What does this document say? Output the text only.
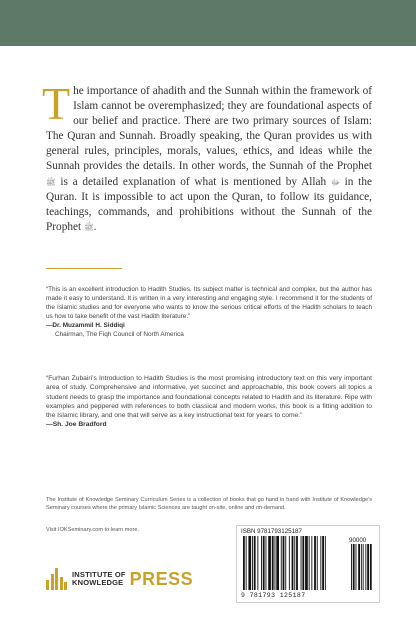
The importance of ahadith and the Sunnah within the framework of Islam cannot be overemphasized; they are foundational aspects of our belief and practice. There are two primary sources of Islam: The Quran and Sunnah. Broadly speaking, the Quran provides us with general rules, principles, morals, values, ethics, and ideas while the Sunnah provides the details. In other words, the Sunnah of the Prophet ﷺ is a detailed explanation of what is mentioned by Allah ﷻ in the Quran. It is impossible to act upon the Quran, to follow its guidance, teachings, commands, and prohibitions without the Sunnah of the Prophet ﷺ.
“This is an excellent introduction to Hadith Studies. Its subject matter is technical and complex, but the author has made it easy to understand. It is written in a very interesting and engaging style. I recommend it for the students of the Islamic studies and for everyone who wants to know the serious critical efforts of the Hadith scholars to teach us how to take benefit of the vast Hadith literature.”
—Dr. Muzammil H. Siddiqi
Chairman, The Fiqh Council of North America
“Furhan Zubairi’s Introduction to Hadith Studies is the most promising introductory text on this very important area of study. Comprehensive and informative, yet succinct and approachable, this book covers all topics a student needs to grasp the importance and foundational concepts related to Hadith and its literature. Ripe with examples and peppered with references to both classical and modern works, this book is a fitting addition to the Islamic library, and one that will serve as a key instructional text for years to come.”
—Sh. Joe Bradford
The Institute of Knowledge Seminary Curriculum Series is a collection of books that go hand in hand with Institute of Knowledge’s Seminary courses where the primary Islamic Sciences are taught on-site, online and on-demand.
Visit IOKSeminary.com to learn more.
INSTITUTE OF
KNOWLEDGE PRESS
ISBN 9781793125187
90000
9 781793 125187
